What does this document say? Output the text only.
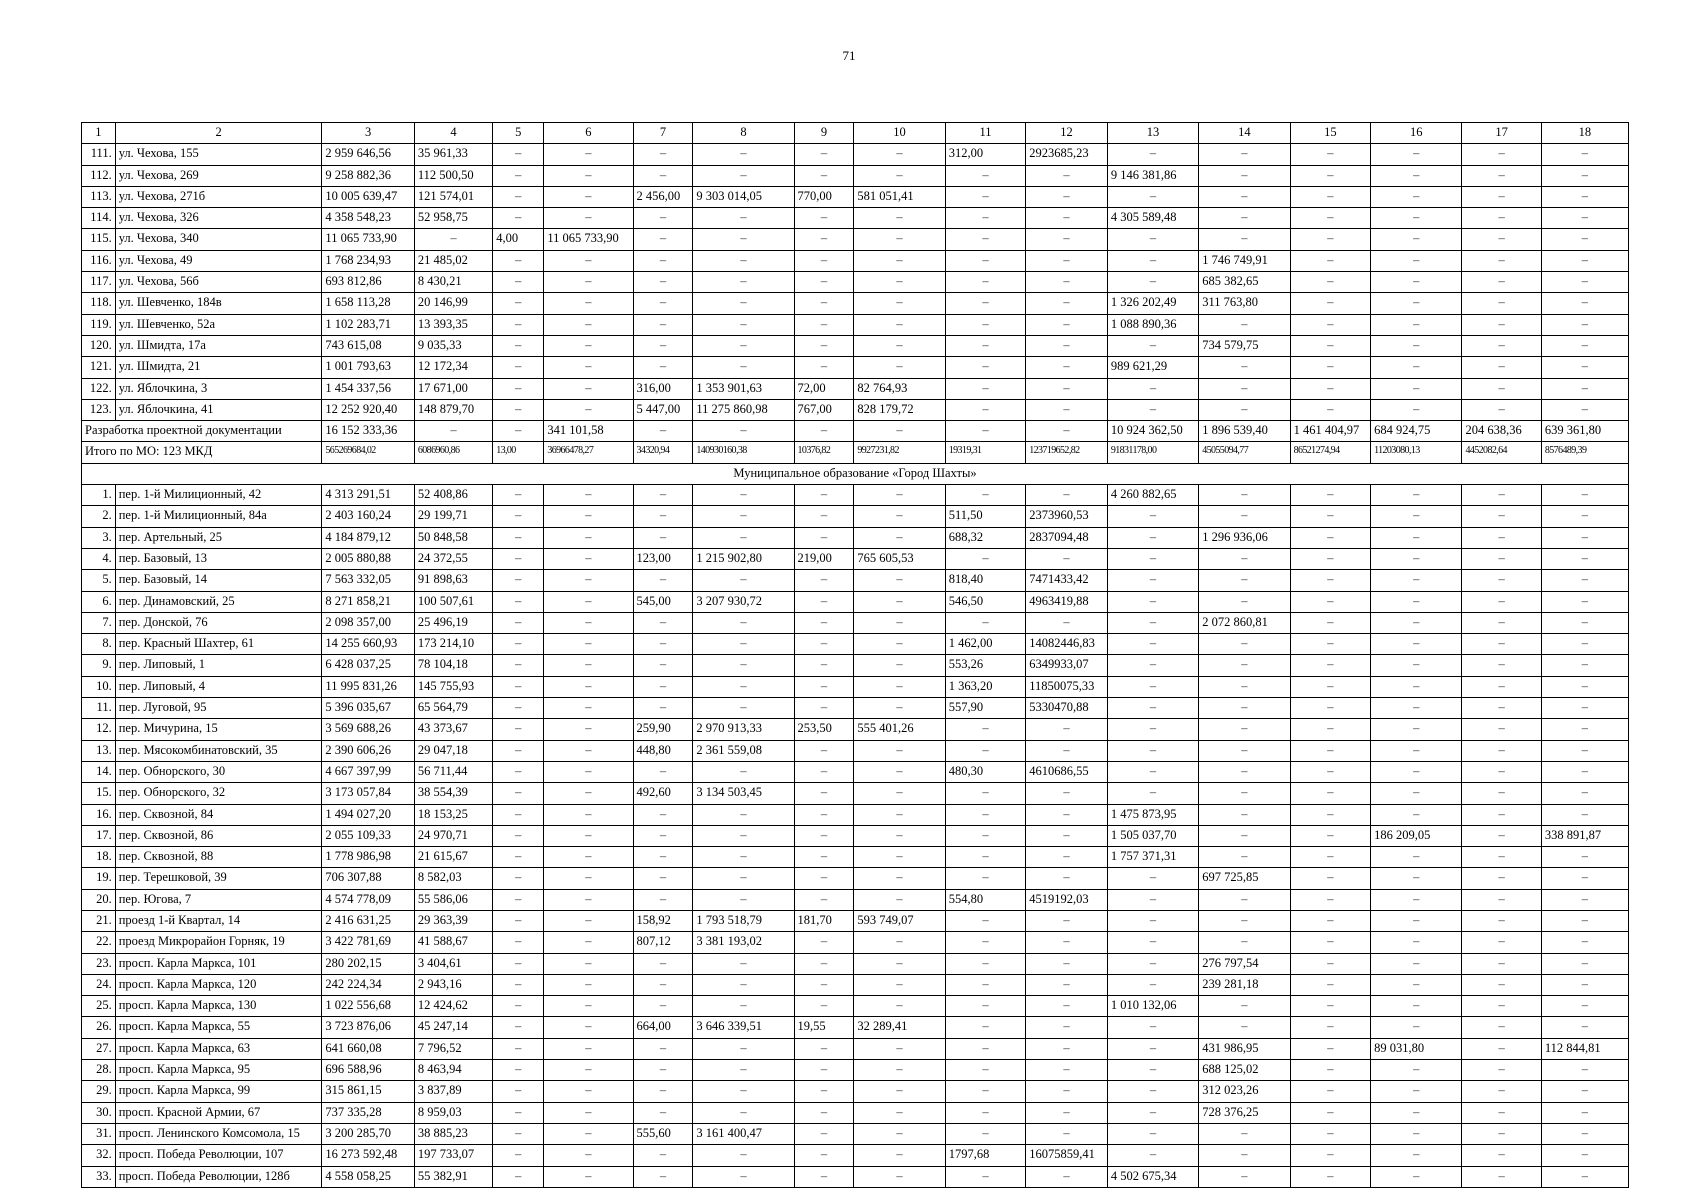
71
1	2	3	4	5	6	7	8	9	10	11	12	13	14	15	16	17	18
111.	ул. Чехова, 155	2 959 646,56	35 961,33	–	–	–	–	–	–	312,00	2923685,23	–	–	–	–	–	–
112.	ул. Чехова, 269	9 258 882,36	112 500,50	–	–	–	–	–	–	–	–	9 146 381,86	–	–	–	–	–
113.	ул. Чехова, 271б	10 005 639,47	121 574,01	–	–	2 456,00	9 303 014,05	770,00	581 051,41	–	–	–	–	–	–	–	–
114.	ул. Чехова, 326	4 358 548,23	52 958,75	–	–	–	–	–	–	–	–	4 305 589,48	–	–	–	–	–
115.	ул. Чехова, 340	11 065 733,90	–	4,00	11 065 733,90	–	–	–	–	–	–	–	–	–	–	–	–
116.	ул. Чехова, 49	1 768 234,93	21 485,02	–	–	–	–	–	–	–	–	–	1 746 749,91	–	–	–	–
117.	ул. Чехова, 56б	693 812,86	8 430,21	–	–	–	–	–	–	–	–	–	685 382,65	–	–	–	–
118.	ул. Шевченко, 184в	1 658 113,28	20 146,99	–	–	–	–	–	–	–	–	1 326 202,49	311 763,80	–	–	–	–
119.	ул. Шевченко, 52а	1 102 283,71	13 393,35	–	–	–	–	–	–	–	–	1 088 890,36	–	–	–	–	–
120.	ул. Шмидта, 17а	743 615,08	9 035,33	–	–	–	–	–	–	–	–	–	734 579,75	–	–	–	–
121.	ул. Шмидта, 21	1 001 793,63	12 172,34	–	–	–	–	–	–	–	–	989 621,29	–	–	–	–	–
122.	ул. Яблочкина, 3	1 454 337,56	17 671,00	–	–	316,00	1 353 901,63	72,00	82 764,93	–	–	–	–	–	–	–	–
123.	ул. Яблочкина, 41	12 252 920,40	148 879,70	–	–	5 447,00	11 275 860,98	767,00	828 179,72	–	–	–	–	–	–	–	–
Разработка проектной документации		16 152 333,36	–	–	341 101,58	–	–	–	–	–	–	10 924 362,50	1 896 539,40	1 461 404,97	684 924,75	204 638,36	639 361,80
Итого по МО: 123 МКД		565269684,02	6086960,86	13,00	36966478,27	34320,94	140930160,38	10376,82	9927231,82	19319,31	123719652,82	91831178,00	45055094,77	86521274,94	11203080,13	4452082,64	8576489,39
Муниципальное образование «Город Шахты»																	
1.	пер. 1-й Милиционный, 42	4 313 291,51	52 408,86	–	–	–	–	–	–	–	–	4 260 882,65	–	–	–	–	–
2.	пер. 1-й Милиционный, 84а	2 403 160,24	29 199,71	–	–	–	–	–	–	511,50	2373960,53	–	–	–	–	–	–
3.	пер. Артельный, 25	4 184 879,12	50 848,58	–	–	–	–	–	–	688,32	2837094,48	–	1 296 936,06	–	–	–	–
4.	пер. Базовый, 13	2 005 880,88	24 372,55	–	–	123,00	1 215 902,80	219,00	765 605,53	–	–	–	–	–	–	–	–
5.	пер. Базовый, 14	7 563 332,05	91 898,63	–	–	–	–	–	–	818,40	7471433,42	–	–	–	–	–	–
6.	пер. Динамовский, 25	8 271 858,21	100 507,61	–	–	545,00	3 207 930,72	–	–	546,50	4963419,88	–	–	–	–	–	–
7.	пер. Донской, 76	2 098 357,00	25 496,19	–	–	–	–	–	–	–	–	–	2 072 860,81	–	–	–	–
8.	пер. Красный Шахтер, 61	14 255 660,93	173 214,10	–	–	–	–	–	–	1 462,00	14082446,83	–	–	–	–	–	–
9.	пер. Липовый, 1	6 428 037,25	78 104,18	–	–	–	–	–	–	553,26	6349933,07	–	–	–	–	–	–
10.	пер. Липовый, 4	11 995 831,26	145 755,93	–	–	–	–	–	–	1 363,20	11850075,33	–	–	–	–	–	–
11.	пер. Луговой, 95	5 396 035,67	65 564,79	–	–	–	–	–	–	557,90	5330470,88	–	–	–	–	–	–
12.	пер. Мичурина, 15	3 569 688,26	43 373,67	–	–	259,90	2 970 913,33	253,50	555 401,26	–	–	–	–	–	–	–	–
13.	пер. Мясокомбинатовский, 35	2 390 606,26	29 047,18	–	–	448,80	2 361 559,08	–	–	–	–	–	–	–	–	–	–
14.	пер. Обнорского, 30	4 667 397,99	56 711,44	–	–	–	–	–	–	480,30	4610686,55	–	–	–	–	–	–
15.	пер. Обнорского, 32	3 173 057,84	38 554,39	–	–	492,60	3 134 503,45	–	–	–	–	–	–	–	–	–	–
16.	пер. Сквозной, 84	1 494 027,20	18 153,25	–	–	–	–	–	–	–	–	1 475 873,95	–	–	–	–	–
17.	пер. Сквозной, 86	2 055 109,33	24 970,71	–	–	–	–	–	–	–	–	1 505 037,70	–	–	186 209,05	–	338 891,87
18.	пер. Сквозной, 88	1 778 986,98	21 615,67	–	–	–	–	–	–	–	–	1 757 371,31	–	–	–	–	–
19.	пер. Терешковой, 39	706 307,88	8 582,03	–	–	–	–	–	–	–	–	–	697 725,85	–	–	–	–
20.	пер. Югова, 7	4 574 778,09	55 586,06	–	–	–	–	–	–	554,80	4519192,03	–	–	–	–	–	–
21.	проезд 1-й Квартал, 14	2 416 631,25	29 363,39	–	–	158,92	1 793 518,79	181,70	593 749,07	–	–	–	–	–	–	–	–
22.	проезд Микрорайон Горняк, 19	3 422 781,69	41 588,67	–	–	807,12	3 381 193,02	–	–	–	–	–	–	–	–	–	–
23.	просп. Карла Маркса, 101	280 202,15	3 404,61	–	–	–	–	–	–	–	–	–	276 797,54	–	–	–	–
24.	просп. Карла Маркса, 120	242 224,34	2 943,16	–	–	–	–	–	–	–	–	–	239 281,18	–	–	–	–
25.	просп. Карла Маркса, 130	1 022 556,68	12 424,62	–	–	–	–	–	–	–	–	1 010 132,06	–	–	–	–	–
26.	просп. Карла Маркса, 55	3 723 876,06	45 247,14	–	–	664,00	3 646 339,51	19,55	32 289,41	–	–	–	–	–	–	–	–
27.	просп. Карла Маркса, 63	641 660,08	7 796,52	–	–	–	–	–	–	–	–	–	431 986,95	–	89 031,80	–	112 844,81
28.	просп. Карла Маркса, 95	696 588,96	8 463,94	–	–	–	–	–	–	–	–	–	688 125,02	–	–	–	–
29.	просп. Карла Маркса, 99	315 861,15	3 837,89	–	–	–	–	–	–	–	–	–	312 023,26	–	–	–	–
30.	просп. Красной Армии, 67	737 335,28	8 959,03	–	–	–	–	–	–	–	–	–	728 376,25	–	–	–	–
31.	просп. Ленинского Комсомола, 15	3 200 285,70	38 885,23	–	–	555,60	3 161 400,47	–	–	–	–	–	–	–	–	–	–
32.	просп. Победа Революции, 107	16 273 592,48	197 733,07	–	–	–	–	–	–	1797,68	16075859,41	–	–	–	–	–	–
33.	просп. Победа Революции, 128б	4 558 058,25	55 382,91	–	–	–	–	–	–	–	–	4 502 675,34	–	–	–	–	–
